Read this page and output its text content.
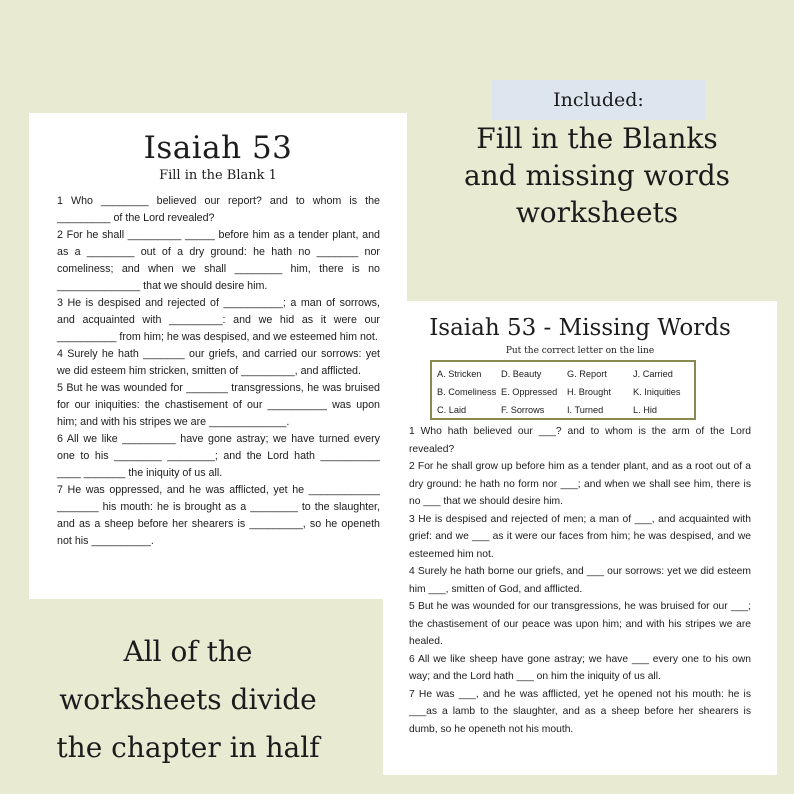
Isaiah 53
Fill in the Blank 1

1 Who ________ believed our report? and to whom is the _________ of the Lord revealed?

2 For he shall _________ _____ before him as a tender plant, and as a ________ out of a dry ground: he hath no _______ nor comeliness; and when we shall ________ him, there is no ______________ that we should desire him.

3 He is despised and rejected of __________; a man of sorrows, and acquainted with _________: and we hid as it were our __________ from him; he was despised, and we esteemed him not.

4 Surely he hath _______ our griefs, and carried our sorrows: yet we did esteem him stricken, smitten of _________, and afflicted.

5 But he was wounded for _______ transgressions, he was bruised for our iniquities: the chastisement of our __________ was upon him; and with his stripes we are _____________.

6 All we like _________ have gone astray; we have turned every one to his ________ ________; and the Lord hath __________ ____ _______ the iniquity of us all.

7 He was oppressed, and he was afflicted, yet he ____________ _______ his mouth: he is brought as a ________ to the slaughter, and as a sheep before her shearers is _________, so he openeth not his __________.

Isaiah 53 - Missing Words
Put the correct letter on the line
A. Stricken	D. Beauty	G. Report	J. Carried
B. Comeliness E. Oppressed	H. Brought	K. Iniquities
C. Laid	F. Sorrows	I. Turned	L. Hid

1 Who hath believed our ___? and to whom is the arm of the Lord revealed?

2 For he shall grow up before him as a tender plant, and as a root out of a dry ground: he hath no form nor ___; and when we shall see him, there is no ___ that we should desire him.

3 He is despised and rejected of men; a man of ___, and acquainted with grief: and we ___ as it were our faces from him; he was despised, and we esteemed him not.

4 Surely he hath borne our griefs, and ___ our sorrows: yet we did esteem him ___, smitten of God, and afflicted.

5 But he was wounded for our transgressions, he was bruised for our ___; the chastisement of our peace was upon him; and with his stripes we are healed.

6 All we like sheep have gone astray; we have ___ every one to his own way; and the Lord hath ___ on him the iniquity of us all.

7 He was ___, and he was afflicted, yet he opened not his mouth: he is ___as a lamb to the slaughter, and as a sheep before her shearers is dumb, so he openeth not his mouth.

Included:
Fill in the Blanks
and missing words
worksheets
All of the
worksheets divide
the chapter in half
